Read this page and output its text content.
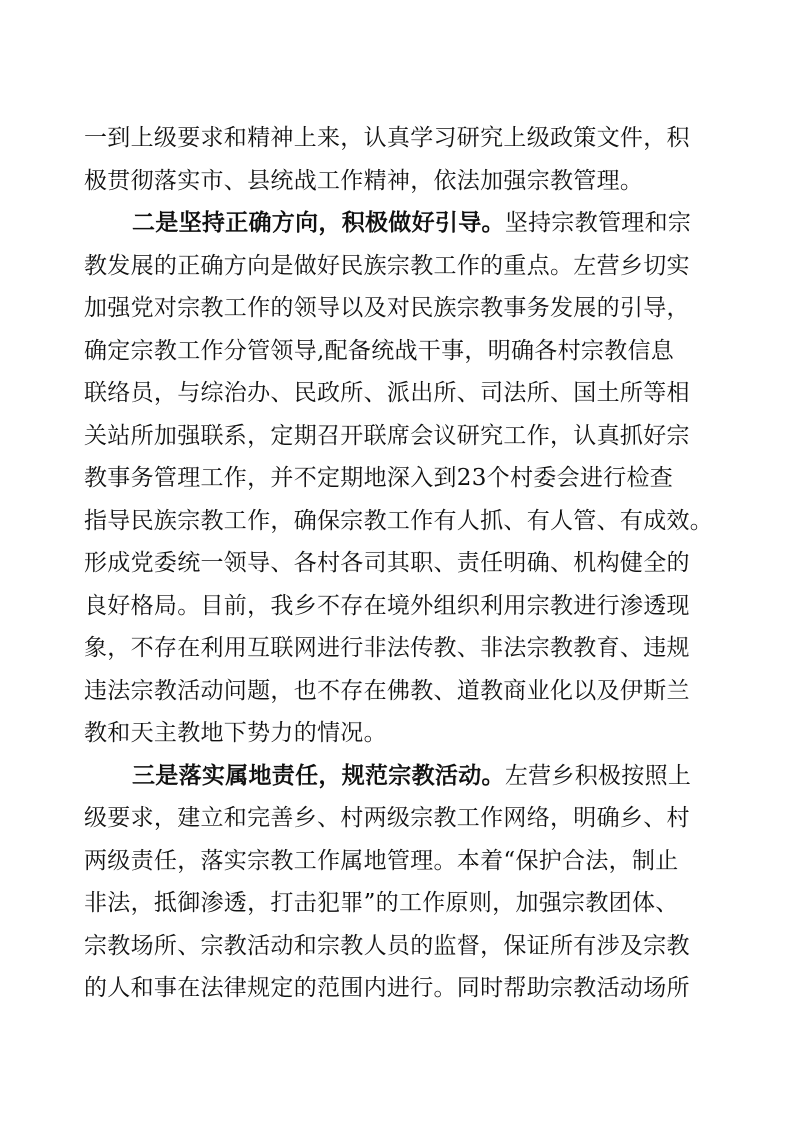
一到上级要求和精神上来，认真学习研究上级政策文件，积
极贯彻落实市、县统战工作精神，依法加强宗教管理。
二是坚持正确方向，积极做好引导。坚持宗教管理和宗
教发展的正确方向是做好民族宗教工作的重点。左营乡切实
加强党对宗教工作的领导以及对民族宗教事务发展的引导，
确定宗教工作分管领导,配备统战干事，明确各村宗教信息
联络员，与综治办、民政所、派出所、司法所、国土所等相
关站所加强联系，定期召开联席会议研究工作，认真抓好宗
教事务管理工作，并不定期地深入到23个村委会进行检查
指导民族宗教工作，确保宗教工作有人抓、有人管、有成效。
形成党委统一领导、各村各司其职、责任明确、机构健全的
良好格局。目前，我乡不存在境外组织利用宗教进行渗透现
象，不存在利用互联网进行非法传教、非法宗教教育、违规
违法宗教活动问题，也不存在佛教、道教商业化以及伊斯兰
教和天主教地下势力的情况。
三是落实属地责任，规范宗教活动。左营乡积极按照上
级要求，建立和完善乡、村两级宗教工作网络，明确乡、村
两级责任，落实宗教工作属地管理。本着“保护合法，制止
非法，抵御渗透，打击犯罪”的工作原则，加强宗教团体、
宗教场所、宗教活动和宗教人员的监督，保证所有涉及宗教
的人和事在法律规定的范围内进行。同时帮助宗教活动场所
